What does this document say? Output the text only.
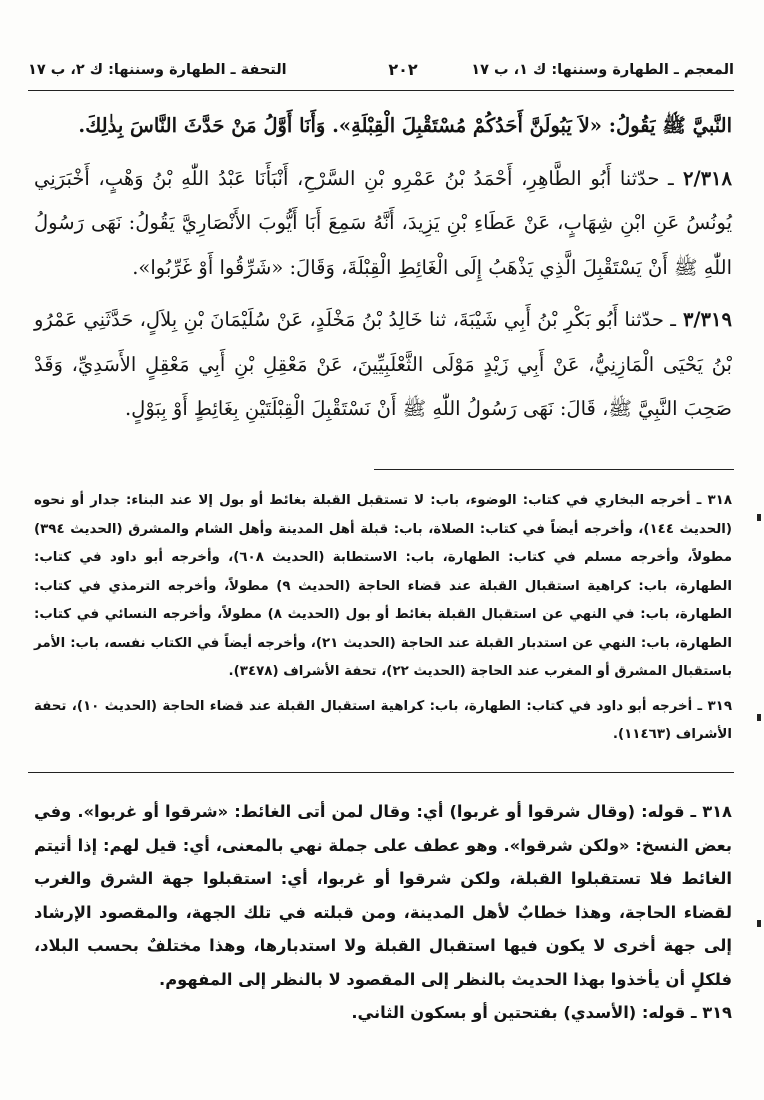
المعجم ـ الطهارة وسننها: ك ١، ب ١٧
٢٠٢
التحفة ـ الطهارة وسننها: ك ٢، ب ١٧

النَّبيَّ ﷺ يَقُولُ: «لاَ يَبُولَنَّ أَحَدُكُمْ مُسْتَقْبِلَ الْقِبْلَةِ». وَأَنَا أَوَّلُ مَنْ حَدَّثَ النَّاسَ بِذٰلِكَ.

٢/٣١٨ ـ حدّثنا أَبُو الطَّاهِرِ، أَحْمَدُ بْنُ عَمْرِو بْنِ السَّرْحِ، أَنْبَأَنَا عَبْدُ اللّٰهِ بْنُ وَهْبٍ، أَخْبَرَنِي يُونُسُ عَنِ ابْنِ شِهَابٍ، عَنْ عَطَاءِ بْنِ يَزِيدَ، أَنَّهُ سَمِعَ أَبَا أَيُّوبَ الأَنْصَارِيَّ يَقُولُ: نَهَى رَسُولُ اللّٰهِ ﷺ أَنْ يَسْتَقْبِلَ الَّذِي يَذْهَبُ إِلَى الْغَائِطِ الْقِبْلَةَ، وَقَالَ: «شَرِّقُوا أَوْ غَرِّبُوا».

٣/٣١٩ ـ حدّثنا أَبُو بَكْرِ بْنُ أَبِي شَيْبَةَ، ثنا خَالِدُ بْنُ مَخْلَدٍ، عَنْ سُلَيْمَانَ بْنِ بِلاَلٍ، حَدَّثَنِي عَمْرُو بْنُ يَحْيَى الْمَازِنِيُّ، عَنْ أَبِي زَيْدٍ مَوْلَى الثَّعْلَبِيِّينَ، عَنْ مَعْقِلِ بْنِ أَبِي مَعْقِلٍ الأَسَدِيِّ، وَقَدْ صَحِبَ النَّبِيَّ ﷺ، قَالَ: نَهَى رَسُولُ اللّٰهِ ﷺ أَنْ نَسْتَقْبِلَ الْقِبْلَتَيْنِ بِغَائِطٍ أَوْ بِبَوْلٍ.

٣١٨ ـ أخرجه البخاري في كتاب: الوضوء، باب: لا تستقبل القبلة بغائط أو بول إلا عند البناء: جدار أو نحوه (الحديث ١٤٤)، وأخرجه أيضاً في كتاب: الصلاة، باب: قبلة أهل المدينة وأهل الشام والمشرق (الحديث ٣٩٤) مطولاً، وأخرجه مسلم في كتاب: الطهارة، باب: الاستطابة (الحديث ٦٠٨)، وأخرجه أبو داود في كتاب: الطهارة، باب: كراهية استقبال القبلة عند قضاء الحاجة (الحديث ٩) مطولاً، وأخرجه الترمذي في كتاب: الطهارة، باب: في النهي عن استقبال القبلة بغائط أو بول (الحديث ٨) مطولاً، وأخرجه النسائي في كتاب: الطهارة، باب: النهي عن استدبار القبلة عند الحاجة (الحديث ٢١)، وأخرجه أيضاً في الكتاب نفسه، باب: الأمر باستقبال المشرق أو المغرب عند الحاجة (الحديث ٢٢)، تحفة الأشراف (٣٤٧٨).

٣١٩ ـ أخرجه أبو داود في كتاب: الطهارة، باب: كراهية استقبال القبلة عند قضاء الحاجة (الحديث ١٠)، تحفة الأشراف (١١٤٦٣).

٣١٨ ـ قوله: (وقال شرقوا أو غربوا) أي: وقال لمن أتى الغائط: «شرقوا أو غربوا». وفي بعض النسخ: «ولكن شرقوا». وهو عطف على جملة نهي بالمعنى، أي: قيل لهم: إذا أتيتم الغائط فلا تستقبلوا القبلة، ولكن شرقوا أو غربوا، أي: استقبلوا جهة الشرق والغرب لقضاء الحاجة، وهذا خطابٌ لأهل المدينة، ومن قبلته في تلك الجهة، والمقصود الإرشاد إلى جهة أخرى لا يكون فيها استقبال القبلة ولا استدبارها، وهذا مختلفٌ بحسب البلاد، فلكلٍ أن يأخذوا بهذا الحديث بالنظر إلى المقصود لا بالنظر إلى المفهوم.

٣١٩ ـ قوله: (الأسدي) بفتحتين أو بسكون الثاني.
